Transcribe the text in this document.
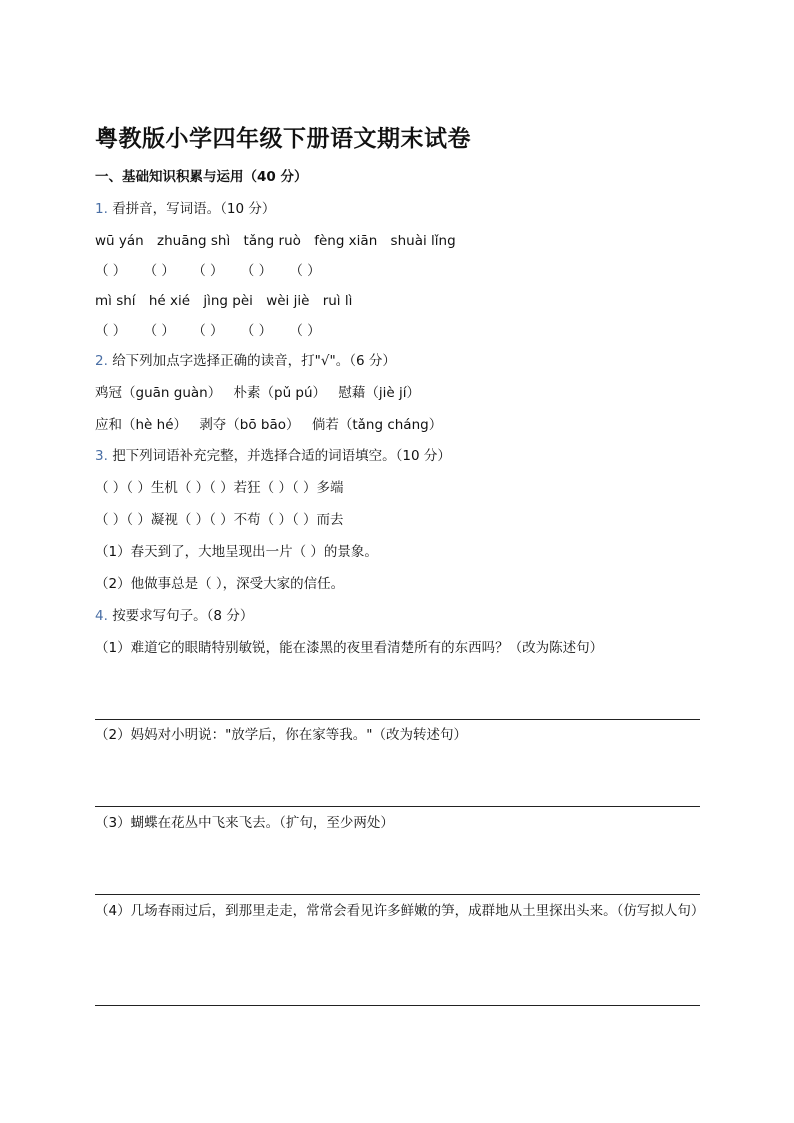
粤教版小学四年级下册语文期末试卷
一、基础知识积累与运用（40 分）
1. 看拼音，写词语。（10 分）
wū yán zhuāng shì tǎng ruò fèng xiān shuài lǐng
（ ） （ ） （ ） （ ） （ ）
mì shí hé xié jìng pèi wèi jiè ruì lì
（ ） （ ） （ ） （ ） （ ）
2. 给下列加点字选择正确的读音，打"√"。（6 分）
鸡冠（guān guàn） 朴素（pǔ pú） 慰藉（jiè jí）
应和（hè hé） 剥夺（bō bāo） 倘若（tǎng cháng）
3. 把下列词语补充完整，并选择合适的词语填空。（10 分）
（ ）（ ）生机（ ）（ ）若狂（ ）（ ）多端
（ ）（ ）凝视（ ）（ ）不苟（ ）（ ）而去
（1）春天到了，大地呈现出一片（ ）的景象。
（2）他做事总是（ ），深受大家的信任。
4. 按要求写句子。（8 分）
（1）难道它的眼睛特别敏锐，能在漆黑的夜里看清楚所有的东西吗？（改为陈述句）
（2）妈妈对小明说："放学后，你在家等我。"（改为转述句）
（3）蝴蝶在花丛中飞来飞去。（扩句，至少两处）
（4）几场春雨过后，到那里走走，常常会看见许多鲜嫩的笋，成群地从土里探出头来。（仿写拟人句）
